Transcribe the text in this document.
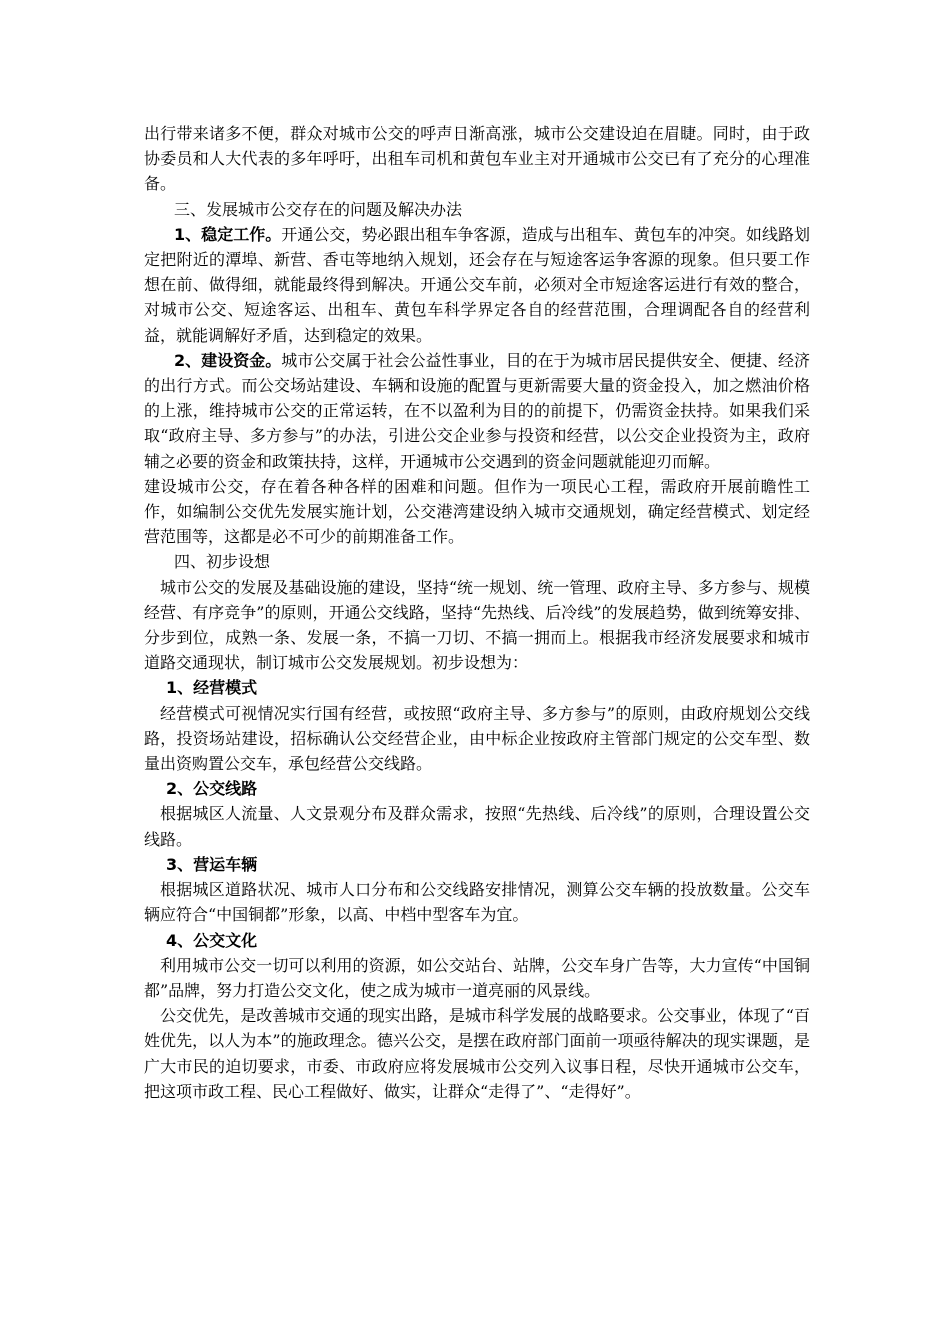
出行带来诸多不便，群众对城市公交的呼声日渐高涨，城市公交建设迫在眉睫。同时，由于政协委员和人大代表的多年呼吁，出租车司机和黄包车业主对开通城市公交已有了充分的心理准备。

三、发展城市公交存在的问题及解决办法

1、稳定工作。开通公交，势必跟出租车争客源，造成与出租车、黄包车的冲突。如线路划定把附近的潭埠、新营、香屯等地纳入规划，还会存在与短途客运争客源的现象。但只要工作想在前、做得细，就能最终得到解决。开通公交车前，必须对全市短途客运进行有效的整合，对城市公交、短途客运、出租车、黄包车科学界定各自的经营范围，合理调配各自的经营利益，就能调解好矛盾，达到稳定的效果。

2、建设资金。城市公交属于社会公益性事业，目的在于为城市居民提供安全、便捷、经济的出行方式。而公交场站建设、车辆和设施的配置与更新需要大量的资金投入，加之燃油价格的上涨，维持城市公交的正常运转，在不以盈利为目的的前提下，仍需资金扶持。如果我们采取“政府主导、多方参与”的办法，引进公交企业参与投资和经营，以公交企业投资为主，政府辅之必要的资金和政策扶持，这样，开通城市公交遇到的资金问题就能迎刃而解。

建设城市公交，存在着各种各样的困难和问题。但作为一项民心工程，需政府开展前瞻性工作，如编制公交优先发展实施计划，公交港湾建设纳入城市交通规划，确定经营模式、划定经营范围等，这都是必不可少的前期准备工作。

四、初步设想

城市公交的发展及基础设施的建设，坚持“统一规划、统一管理、政府主导、多方参与、规模经营、有序竞争”的原则，开通公交线路，坚持“先热线、后冷线”的发展趋势，做到统筹安排、分步到位，成熟一条、发展一条，不搞一刀切、不搞一拥而上。根据我市经济发展要求和城市道路交通现状，制订城市公交发展规划。初步设想为：

1、经营模式

经营模式可视情况实行国有经营，或按照“政府主导、多方参与”的原则，由政府规划公交线路，投资场站建设，招标确认公交经营企业，由中标企业按政府主管部门规定的公交车型、数量出资购置公交车，承包经营公交线路。

2、公交线路

根据城区人流量、人文景观分布及群众需求，按照“先热线、后冷线”的原则，合理设置公交线路。

3、营运车辆

根据城区道路状况、城市人口分布和公交线路安排情况，测算公交车辆的投放数量。公交车辆应符合“中国铜都”形象，以高、中档中型客车为宜。

4、公交文化

利用城市公交一切可以利用的资源，如公交站台、站牌，公交车身广告等，大力宣传“中国铜都”品牌，努力打造公交文化，使之成为城市一道亮丽的风景线。

公交优先，是改善城市交通的现实出路，是城市科学发展的战略要求。公交事业，体现了“百姓优先，以人为本”的施政理念。德兴公交，是摆在政府部门面前一项亟待解决的现实课题，是广大市民的迫切要求，市委、市政府应将发展城市公交列入议事日程，尽快开通城市公交车，把这项市政工程、民心工程做好、做实，让群众“走得了”、“走得好”。
